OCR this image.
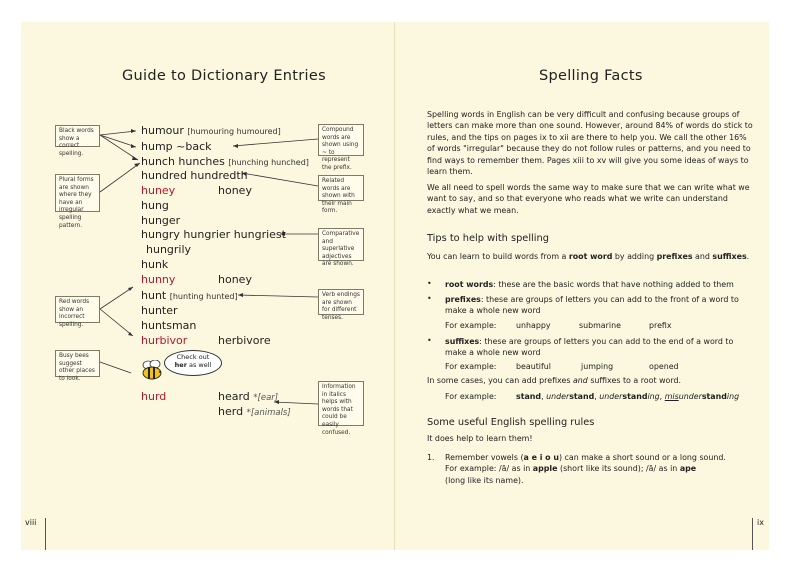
Guide to Dictionary Entries
humour [humouring humoured]
hump ~back
hunch hunches [hunching hunched]
hundred hundredth
huney	honey
hung
hunger
hungry hungrier hungriest
hungrily
hunk
hunny	honey
hunt [hunting hunted]
hunter
huntsman
hurbivor	herbivore
hurd	heard *[ear]
herd *[animals]
Check out
her as well
Black words show a correct spelling.
Plural forms are shown where they have an irregular spelling pattern.
Red words show an incorrect spelling.
Busy bees suggest other places to look.
Compound words are shown using ~ to represent the prefix.
Related words are shown with their main form.
Comparative and superlative adjectives are shown.
Verb endings are shown for different tenses.
Information in italics helps with words that could be easily confused.
viii
Spelling Facts
Spelling words in English can be very difficult and confusing because groups of letters can make more than one sound. However, around 84% of words do stick to rules, and the tips on pages ix to xii are there to help you. We call the other 16% of words "irregular" because they do not follow rules or patterns, and you need to find ways to remember them. Pages xiii to xv will give you some ideas of ways to learn them.
We all need to spell words the same way to make sure that we can write what we want to say, and so that everyone who reads what we write can understand exactly what we mean.
Tips to help with spelling
You can learn to build words from a root word by adding prefixes and suffixes.
• root words: these are the basic words that have nothing added to them
• prefixes: these are groups of letters you can add to the front of a word to make a whole new word
For example: unhappy	submarine	prefix
• suffixes: these are groups of letters you can add to the end of a word to make a whole new word
For example: beautiful	jumping	opened
In some cases, you can add prefixes and suffixes to a root word.
For example: stand, understand, understanding, misunderstanding
Some useful English spelling rules
It does help to learn them!
1. Remember vowels (a e i o u) can make a short sound or a long sound.
For example: /ă/ as in apple (short like its sound); /ā/ as in ape
(long like its name).
ix
